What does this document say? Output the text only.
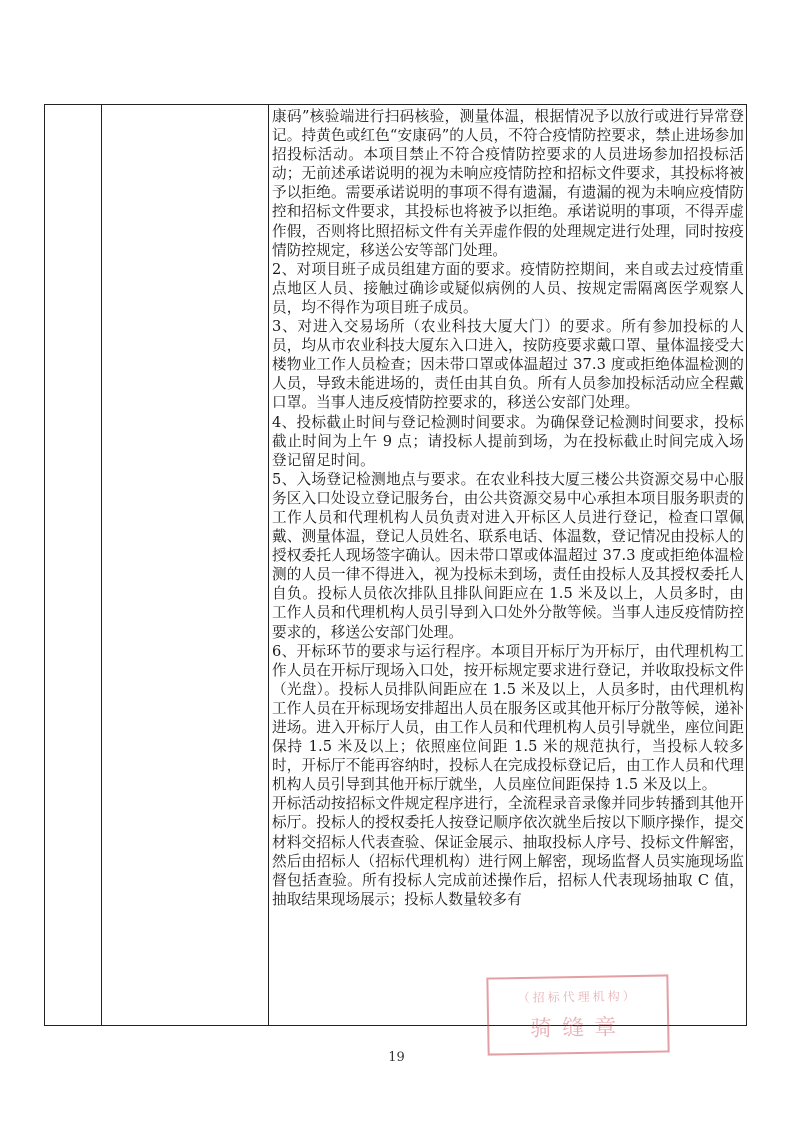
康码”核验端进行扫码核验，测量体温，根据情况予以放行或进行异常登记。持黄色或红色“安康码”的人员，不符合疫情防控要求，禁止进场参加招投标活动。本项目禁止不符合疫情防控要求的人员进场参加招投标活动；无前述承诺说明的视为未响应疫情防控和招标文件要求，其投标将被予以拒绝。需要承诺说明的事项不得有遗漏，有遗漏的视为未响应疫情防控和招标文件要求，其投标也将被予以拒绝。承诺说明的事项，不得弄虚作假，否则将比照招标文件有关弄虚作假的处理规定进行处理，同时按疫情防控规定，移送公安等部门处理。

2、对项目班子成员组建方面的要求。疫情防控期间，来自或去过疫情重点地区人员、接触过确诊或疑似病例的人员、按规定需隔离医学观察人员，均不得作为项目班子成员。

3、对进入交易场所（农业科技大厦大门）的要求。所有参加投标的人员，均从市农业科技大厦东入口进入，按防疫要求戴口罩、量体温接受大楼物业工作人员检查；因未带口罩或体温超过 37.3 度或拒绝体温检测的人员，导致未能进场的，责任由其自负。所有人员参加投标活动应全程戴口罩。当事人违反疫情防控要求的，移送公安部门处理。

4、投标截止时间与登记检测时间要求。为确保登记检测时间要求，投标截止时间为上午 9 点；请投标人提前到场，为在投标截止时间完成入场登记留足时间。

5、入场登记检测地点与要求。在农业科技大厦三楼公共资源交易中心服务区入口处设立登记服务台，由公共资源交易中心承担本项目服务职责的工作人员和代理机构人员负责对进入开标区人员进行登记，检查口罩佩戴、测量体温，登记人员姓名、联系电话、体温数，登记情况由投标人的授权委托人现场签字确认。因未带口罩或体温超过 37.3 度或拒绝体温检测的人员一律不得进入，视为投标未到场，责任由投标人及其授权委托人自负。投标人员依次排队且排队间距应在 1.5 米及以上，人员多时，由工作人员和代理机构人员引导到入口处外分散等候。当事人违反疫情防控要求的，移送公安部门处理。

6、开标环节的要求与运行程序。本项目开标厅为开标厅，由代理机构工作人员在开标厅现场入口处，按开标规定要求进行登记，并收取投标文件（光盘）。投标人员排队间距应在 1.5 米及以上，人员多时，由代理机构工作人员在开标现场安排超出人员在服务区或其他开标厅分散等候，递补进场。进入开标厅人员，由工作人员和代理机构人员引导就坐，座位间距保持 1.5 米及以上；依照座位间距 1.5 米的规范执行，当投标人较多时，开标厅不能再容纳时，投标人在完成投标登记后，由工作人员和代理机构人员引导到其他开标厅就坐，人员座位间距保持 1.5 米及以上。

开标活动按招标文件规定程序进行，全流程录音录像并同步转播到其他开标厅。投标人的授权委托人按登记顺序依次就坐后按以下顺序操作，提交材料交招标人代表查验、保证金展示、抽取投标人序号、投标文件解密，然后由招标人（招标代理机构）进行网上解密，现场监督人员实施现场监督包括查验。所有投标人完成前述操作后，招标人代表现场抽取 C 值，抽取结果现场展示；投标人数量较多有

（招标代理机构）
骑缝章
19
